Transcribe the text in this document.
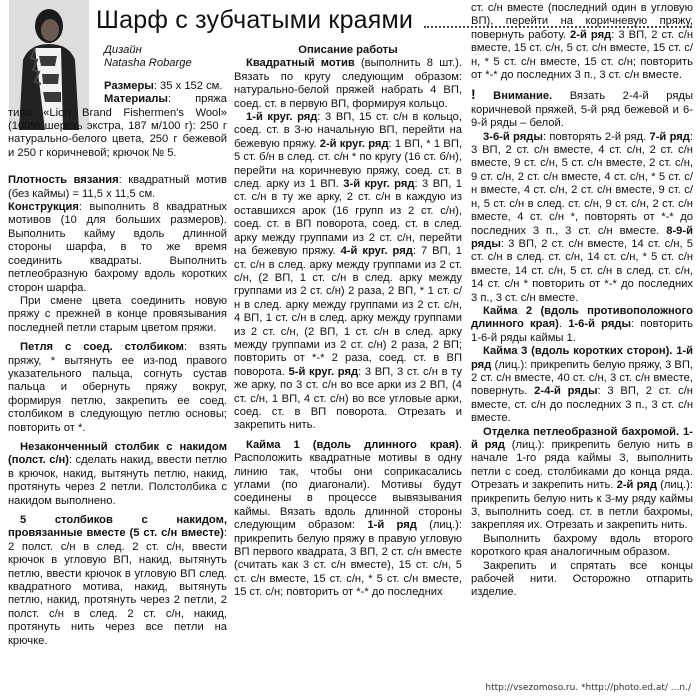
Шарф с зубчатыми краями

Дизайн

Natasha Robarge

Размеры: 35 х 152 см.

Материалы: пряжа типа «Lion Brand Fishermen's Wool» (100% шерсть экстра, 187 м/100 г): 250 г натурально-белого цвета, 250 г бежевой и 250 г коричневой; крючок № 5.

Плотность вязания: квадратный мотив (без каймы) = 11,5 х 11,5 см.

Конструкция: выполнить 8 квадратных мотивов (10 для больших размеров). Выполнить кайму вдоль длинной стороны шарфа, в то же время соединить квадраты. Выполнить петлеобразную бахрому вдоль коротких сторон шарфа.

При смене цвета соединить новую пряжу с прежней в конце провязывания последней петли старым цветом пряжи.

Петля с соед. столбиком: взять пряжу, * вытянуть ее из-под правого указательного пальца, согнуть сустав пальца и обернуть пряжу вокруг, формируя петлю, закрепить ее соед. столбиком в следующую петлю основы; повторить от *.

Незаконченный столбик с накидом (полст. с/н): сделать накид, ввести петлю в крючок, накид, вытянуть петлю, накид, протянуть через 2 петли. Полстолбика с накидом выполнено.

5 столбиков с накидом, провязанные вместе (5 ст. с/н вместе): 2 полст. с/н в след. 2 ст. с/н, ввести крючок в угловую ВП, накид, вытянуть петлю, ввести крючок в угловую ВП след. квадратного мотива, накид, вытянуть петлю, накид, протянуть через 2 петли, 2 полст. с/н в след. 2 ст. с/н, накид, протянуть нить через все петли на крючке.

Описание работы

Квадратный мотив (выполнить 8 шт.). Вязать по кругу следующим образом: натурально-белой пряжей набрать 4 ВП, соед. ст. в первую ВП, формируя кольцо.

1-й круг. ряд: 3 ВП, 15 ст. с/н в кольцо, соед. ст. в 3-ю начальную ВП, перейти на бежевую пряжу. 2-й круг. ряд: 1 ВП, * 1 ВП, 5 ст. б/н в след. ст. с/н * по кругу (16 ст. б/н), перейти на коричневую пряжу, соед. ст. в след. арку из 1 ВП. 3-й круг. ряд: 3 ВП, 1 ст. с/н в ту же арку, 2 ст. с/н в каждую из оставшихся арок (16 групп из 2 ст. с/н), соед. ст. в ВП поворота, соед. ст. в след. арку между группами из 2 ст. с/н, перейти на бежевую пряжу. 4-й круг. ряд: 7 ВП, 1 ст. с/н в след. арку между группами из 2 ст. с/н, (2 ВП, 1 ст. с/н в след. арку между группами из 2 ст. с/н) 2 раза, 2 ВП, * 1 ст. с/н в след. арку между группами из 2 ст. с/н, 4 ВП, 1 ст. с/н в след. арку между группами из 2 ст. с/н, (2 ВП, 1 ст. с/н в след. арку между группами из 2 ст. с/н) 2 раза, 2 ВП; повторить от *-* 2 раза, соед. ст. в ВП поворота. 5-й круг. ряд: 3 ВП, 3 ст. с/н в ту же арку, по 3 ст. с/н во все арки из 2 ВП, (4 ст. с/н, 1 ВП, 4 ст. с/н) во все угловые арки, соед. ст. в ВП поворота. Отрезать и закрепить нить.

Кайма 1 (вдоль длинного края). Расположить квадратные мотивы в одну линию так, чтобы они соприкасались углами (по диагонали). Мотивы будут соединены в процессе вывязывания каймы. Вязать вдоль длинной стороны следующим образом: 1-й ряд (лиц.): прикрепить белую пряжу в правую угловую ВП первого квадрата, 3 ВП, 2 ст. с/н вместе (считать как 3 ст. с/н вместе), 15 ст. с/н, 5 ст. с/н вместе, 15 ст. с/н, * 5 ст. с/н вместе, 15 ст. с/н; повторить от *-* до последних

ст. с/н вместе (последний один в угловую ВП), перейти на коричневую пряжу, повернуть работу. 2-й ряд: 3 ВП, 2 ст. с/н вместе, 15 ст. с/н, 5 ст. с/н вместе, 15 ст. с/н, * 5 ст. с/н вместе, 15 ст. с/н; повторить от *-* до последних 3 п., 3 ст. с/н вместе.

! Внимание. Вязать 2-4-й ряды коричневой пряжей, 5-й ряд бежевой и 6-9-й ряды – белой.

3-6-й ряды: повторять 2-й ряд. 7-й ряд: 3 ВП, 2 ст. с/н вместе, 4 ст. с/н, 2 ст. с/н вместе, 9 ст. с/н, 5 ст. с/н вместе, 2 ст. с/н, 9 ст. с/н, 2 ст. с/н вместе, 4 ст. с/н, * 5 ст. с/н вместе, 4 ст. с/н, 2 ст. с/н вместе, 9 ст. с/н, 5 ст. с/н в след. ст. с/н, 9 ст. с/н, 2 ст. с/н вместе, 4 ст. с/н *, повторять от *-* до последних 3 п., 3 ст. с/н вместе. 8-9-й ряды: 3 ВП, 2 ст. с/н вместе, 14 ст. с/н, 5 ст. с/н в след. ст. с/н, 14 ст. с/н, * 5 ст. с/н вместе, 14 ст. с/н, 5 ст. с/н в след. ст. с/н, 14 ст. с/н * повторить от *-* до последних 3 п., 3 ст. с/н вместе.

Кайма 2 (вдоль противоположного длинного края). 1-6-й ряды: повторить 1-6-й ряды каймы 1.

Кайма 3 (вдоль коротких сторон). 1-й ряд (лиц.): прикрепить белую пряжу, 3 ВП, 2 ст. с/н вместе, 40 ст. с/н, 3 ст. с/н вместе, повернуть. 2-4-й ряды: 3 ВП, 2 ст. с/н вместе, ст. с/н до последних 3 п., 3 ст. с/н вместе.

Отделка петлеобразной бахромой. 1-й ряд (лиц.): прикрепить белую нить в начале 1-го ряда каймы 3, выполнить петли с соед. столбиками до конца ряда. Отрезать и закрепить нить. 2-й ряд (лиц.): прикрепить белую нить к 3-му ряду каймы 3, выполнить соед. ст. в петли бахромы, закрепляя их. Отрезать и закрепить нить.

Выполнить бахрому вдоль второго короткого края аналогичным образом.

Закрепить и спрятать все концы рабочей нити. Осторожно отпарить изделие.

http://vsezomoso.ru. *http://photo.ed.at/ ...n./
